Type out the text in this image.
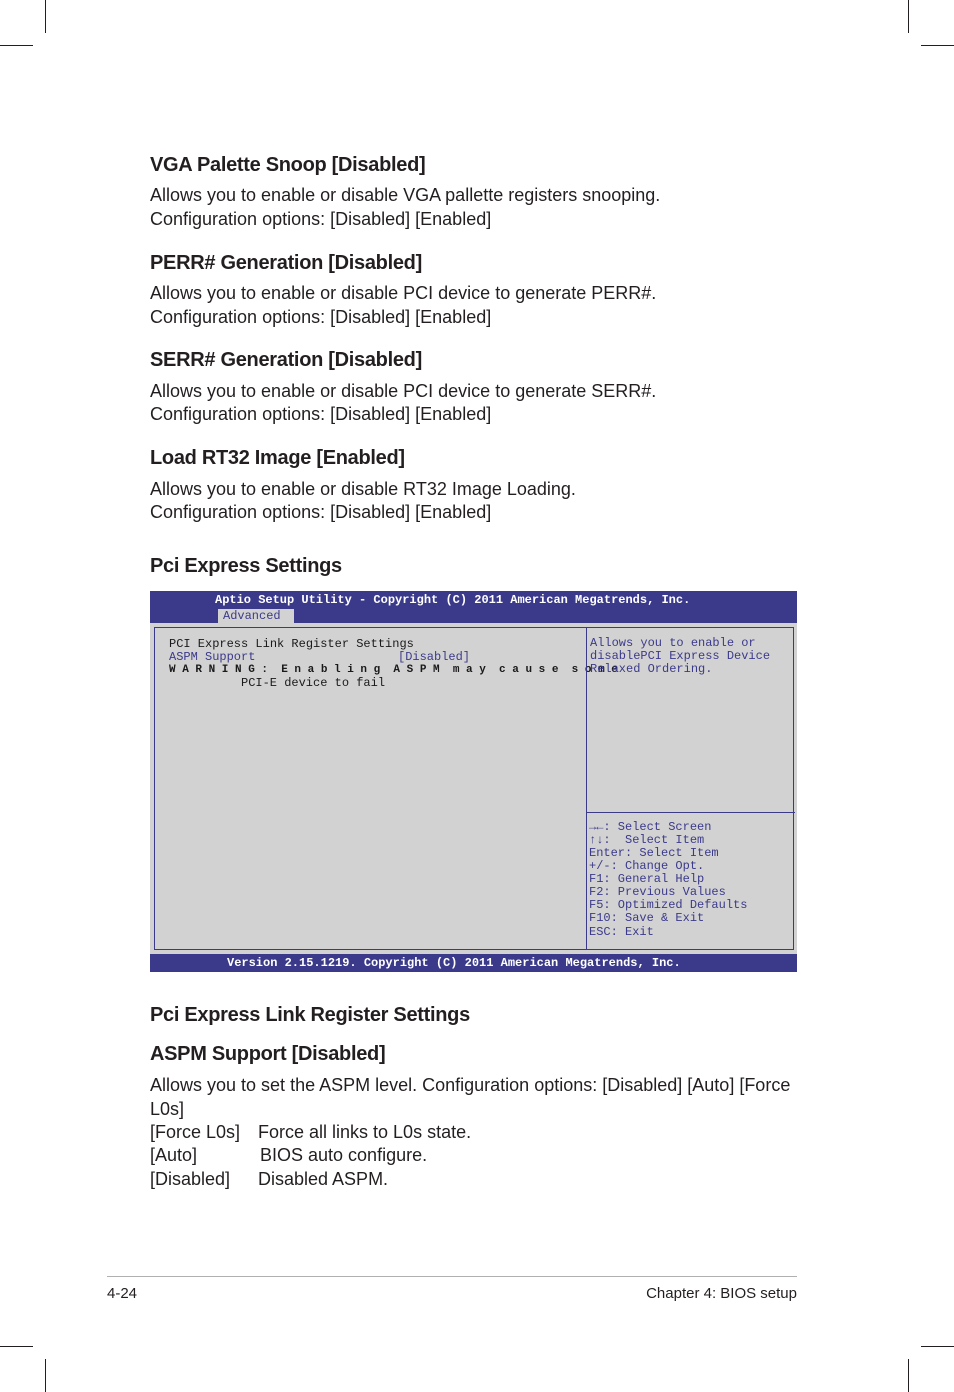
VGA Palette Snoop [Disabled]

Allows you to enable or disable VGA pallette registers snooping.

Configuration options: [Disabled] [Enabled]

PERR# Generation [Disabled]

Allows you to enable or disable PCI device to generate PERR#.

Configuration options: [Disabled] [Enabled]

SERR# Generation [Disabled]

Allows you to enable or disable PCI device to generate SERR#.

Configuration options: [Disabled] [Enabled]

Load RT32 Image [Enabled]

Allows you to enable or disable RT32 Image Loading.

Configuration options: [Disabled] [Enabled]

Pci Express Settings
Aptio Setup Utility - Copyright (C) 2011 American Megatrends, Inc.
Advanced
PCI Express Link Register Settings
ASPM Support	[Disabled]
W A R N I N G :  E n a b l i n g  A S P M  m a y  c a u s e  s o m e
PCI-E device to fail
Allows you to enable or
disablePCI Express Device
Relaxed Ordering.
→←: Select Screen
↑↓:  Select Item
Enter: Select Item
+/-: Change Opt.
F1: General Help
F2: Previous Values
F5: Optimized Defaults
F10: Save & Exit
ESC: Exit
Version 2.15.1219. Copyright (C) 2011 American Megatrends, Inc.
Pci Express Link Register Settings
ASPM Support [Disabled]

Allows you to set the ASPM level. Configuration options: [Disabled] [Auto] [Force

L0s]

[Force L0s] Force all links to L0s state.

[Auto]	BIOS auto configure.

[Disabled] Disabled ASPM.

4-24	Chapter 4: BIOS setup
